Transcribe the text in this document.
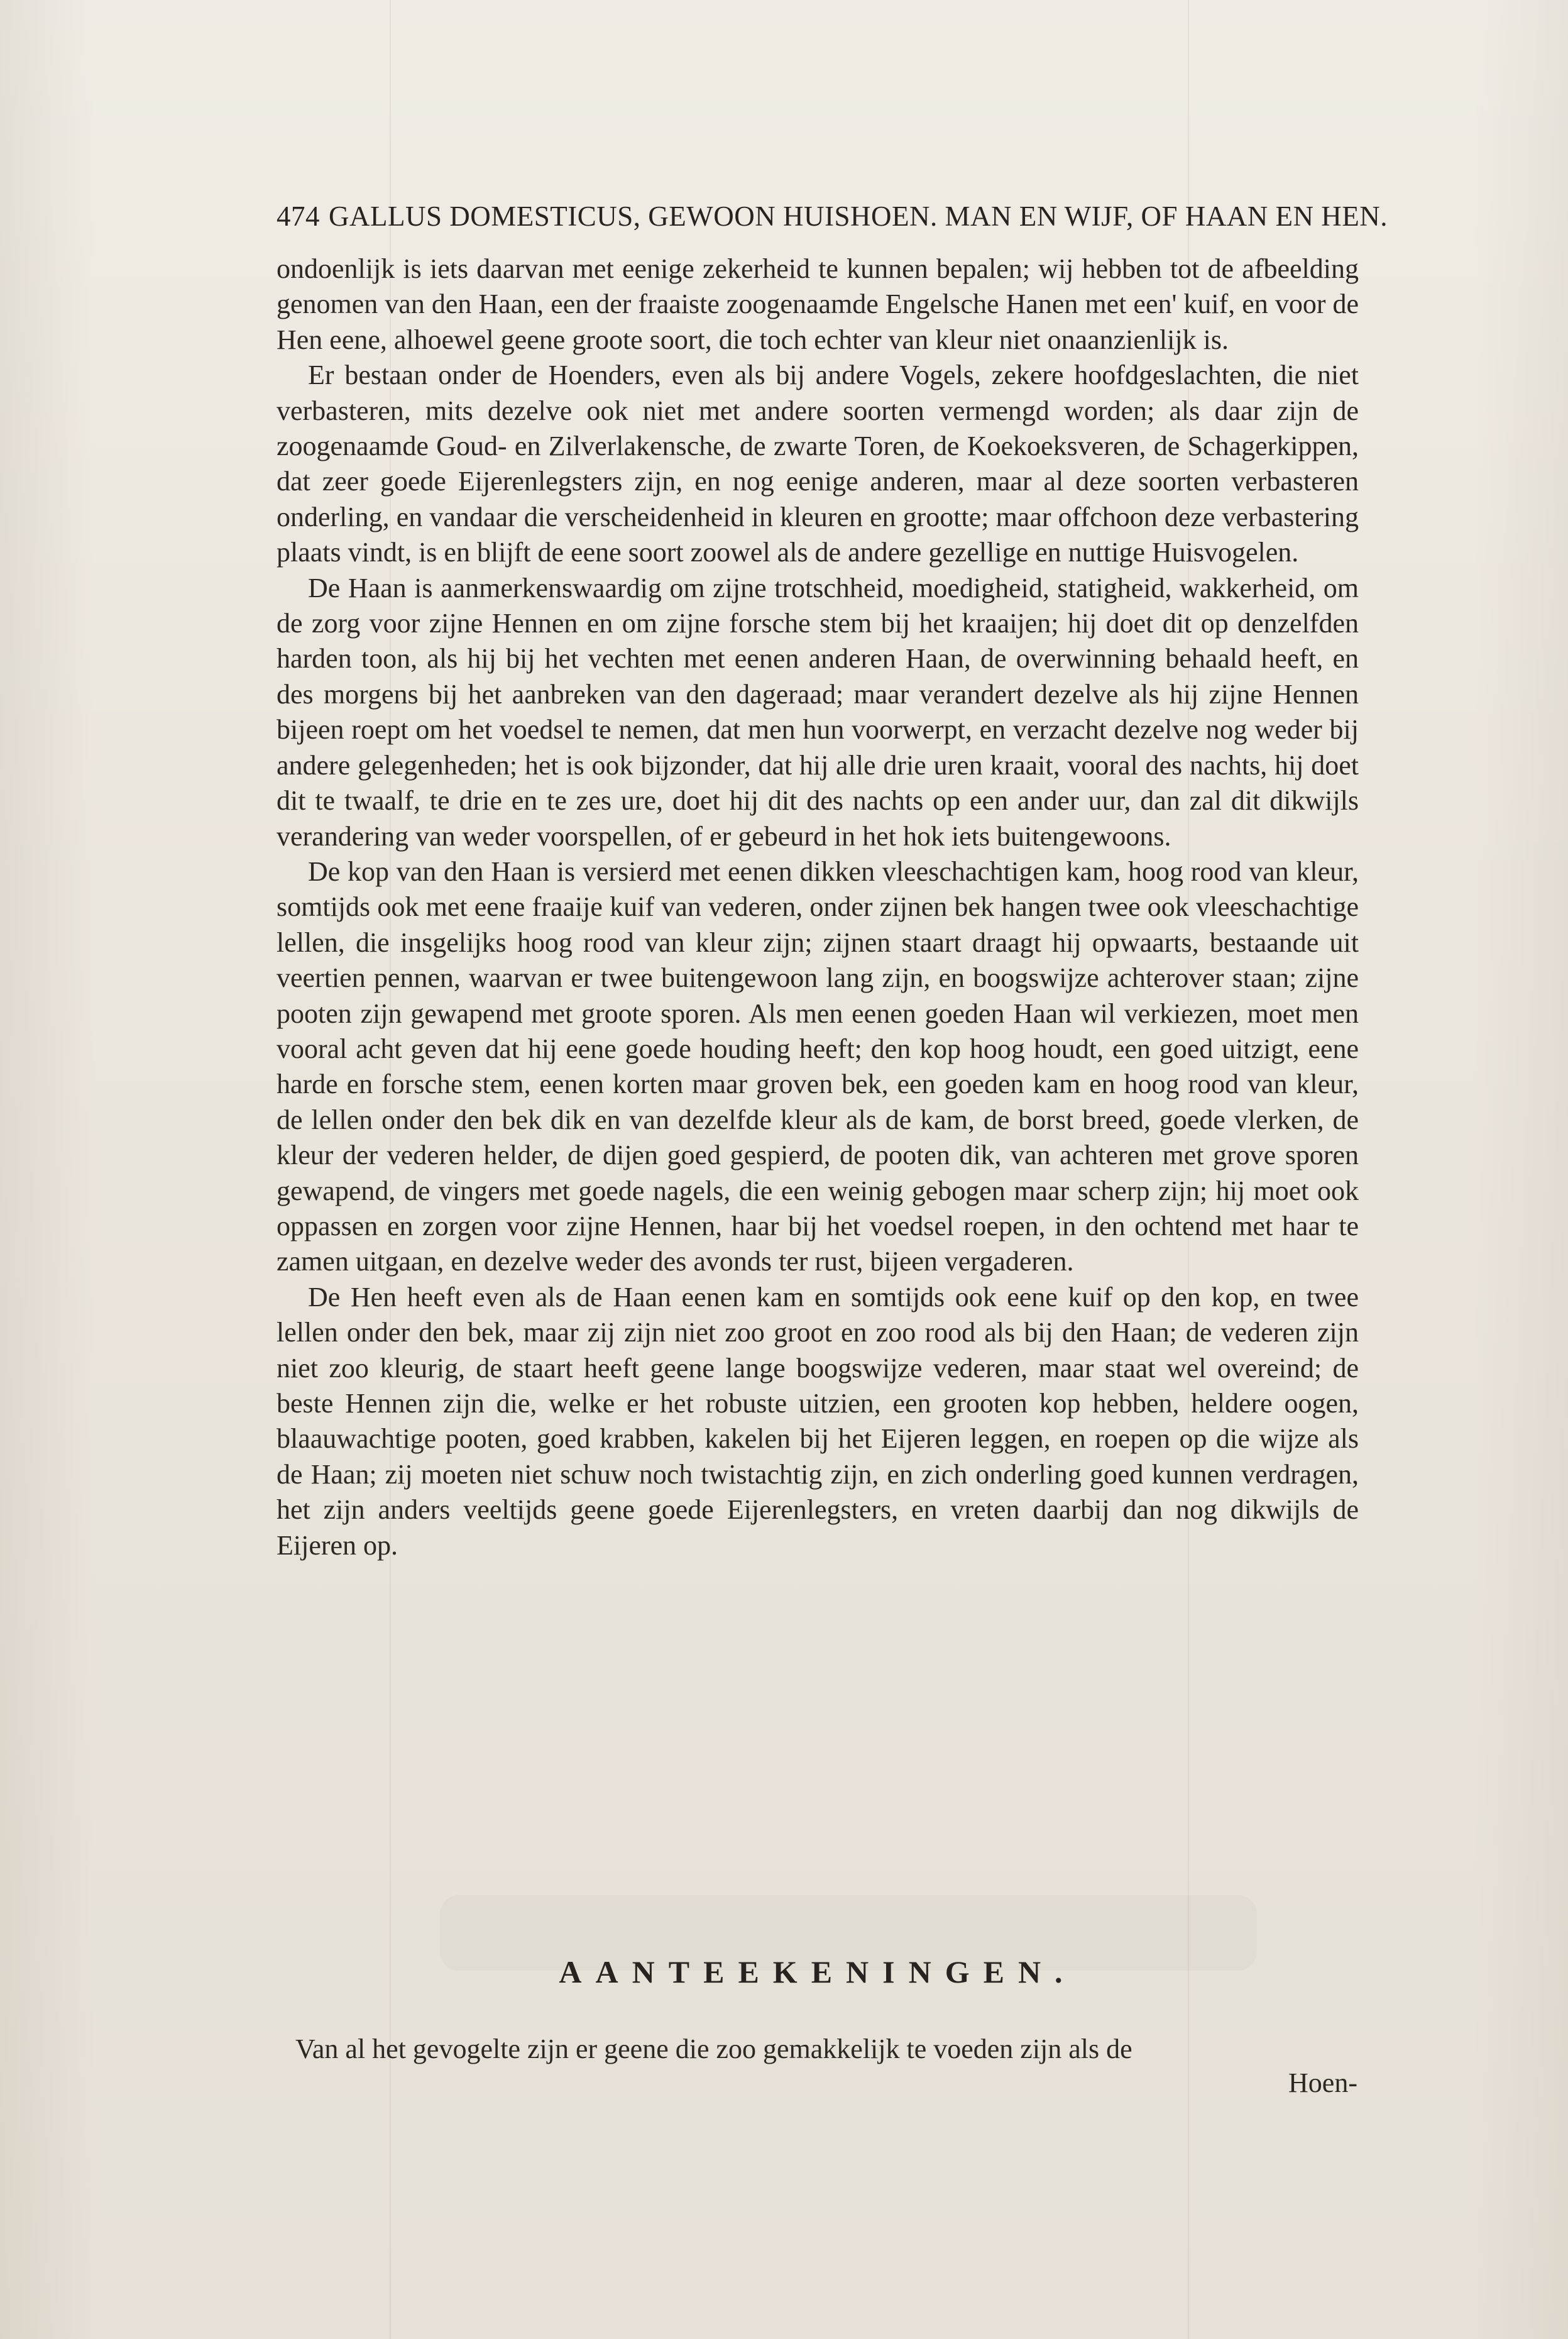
474 GALLUS DOMESTICUS, GEWOON HUISHOEN. MAN EN WIJF, OF HAAN EN HEN.

ondoenlijk is iets daarvan met eenige zekerheid te kunnen bepalen; wij hebben tot de afbeelding genomen van den Haan, een der fraaiste zoogenaamde Engelsche Hanen met een' kuif, en voor de Hen eene, alhoewel geene groote soort, die toch echter van kleur niet onaanzienlijk is.

Er bestaan onder de Hoenders, even als bij andere Vogels, zekere hoofdgeslachten, die niet verbasteren, mits dezelve ook niet met andere soorten vermengd worden; als daar zijn de zoogenaamde Goud- en Zilverlakensche, de zwarte Toren, de Koekoeksveren, de Schagerkippen, dat zeer goede Eijerenlegsters zijn, en nog eenige anderen, maar al deze soorten verbasteren onderling, en vandaar die verscheidenheid in kleuren en grootte; maar offchoon deze verbastering plaats vindt, is en blijft de eene soort zoowel als de andere gezellige en nuttige Huisvogelen.

De Haan is aanmerkenswaardig om zijne trotschheid, moedigheid, statigheid, wakkerheid, om de zorg voor zijne Hennen en om zijne forsche stem bij het kraaijen; hij doet dit op denzelfden harden toon, als hij bij het vechten met eenen anderen Haan, de overwinning behaald heeft, en des morgens bij het aanbreken van den dageraad; maar verandert dezelve als hij zijne Hennen bijeen roept om het voedsel te nemen, dat men hun voorwerpt, en verzacht dezelve nog weder bij andere gelegenheden; het is ook bijzonder, dat hij alle drie uren kraait, vooral des nachts, hij doet dit te twaalf, te drie en te zes ure, doet hij dit des nachts op een ander uur, dan zal dit dikwijls verandering van weder voorspellen, of er gebeurd in het hok iets buitengewoons.

De kop van den Haan is versierd met eenen dikken vleeschachtigen kam, hoog rood van kleur, somtijds ook met eene fraaije kuif van vederen, onder zijnen bek hangen twee ook vleeschachtige lellen, die insgelijks hoog rood van kleur zijn; zijnen staart draagt hij opwaarts, bestaande uit veertien pennen, waarvan er twee buitengewoon lang zijn, en boogswijze achterover staan; zijne pooten zijn gewapend met groote sporen. Als men eenen goeden Haan wil verkiezen, moet men vooral acht geven dat hij eene goede houding heeft; den kop hoog houdt, een goed uitzigt, eene harde en forsche stem, eenen korten maar groven bek, een goeden kam en hoog rood van kleur, de lellen onder den bek dik en van dezelfde kleur als de kam, de borst breed, goede vlerken, de kleur der vederen helder, de dijen goed gespierd, de pooten dik, van achteren met grove sporen gewapend, de vingers met goede nagels, die een weinig gebogen maar scherp zijn; hij moet ook oppassen en zorgen voor zijne Hennen, haar bij het voedsel roepen, in den ochtend met haar te zamen uitgaan, en dezelve weder des avonds ter rust, bijeen vergaderen.

De Hen heeft even als de Haan eenen kam en somtijds ook eene kuif op den kop, en twee lellen onder den bek, maar zij zijn niet zoo groot en zoo rood als bij den Haan; de vederen zijn niet zoo kleurig, de staart heeft geene lange boogswijze vederen, maar staat wel overeind; de beste Hennen zijn die, welke er het robuste uitzien, een grooten kop hebben, heldere oogen, blaauwachtige pooten, goed krabben, kakelen bij het Eijeren leggen, en roepen op die wijze als de Haan; zij moeten niet schuw noch twistachtig zijn, en zich onderling goed kunnen verdragen, het zijn anders veeltijds geene goede Eijerenlegsters, en vreten daarbij dan nog dikwijls de Eijeren op.

AANTEEKENINGEN.

Van al het gevogelte zijn er geene die zoo gemakkelijk te voeden zijn als de

Hoen-
